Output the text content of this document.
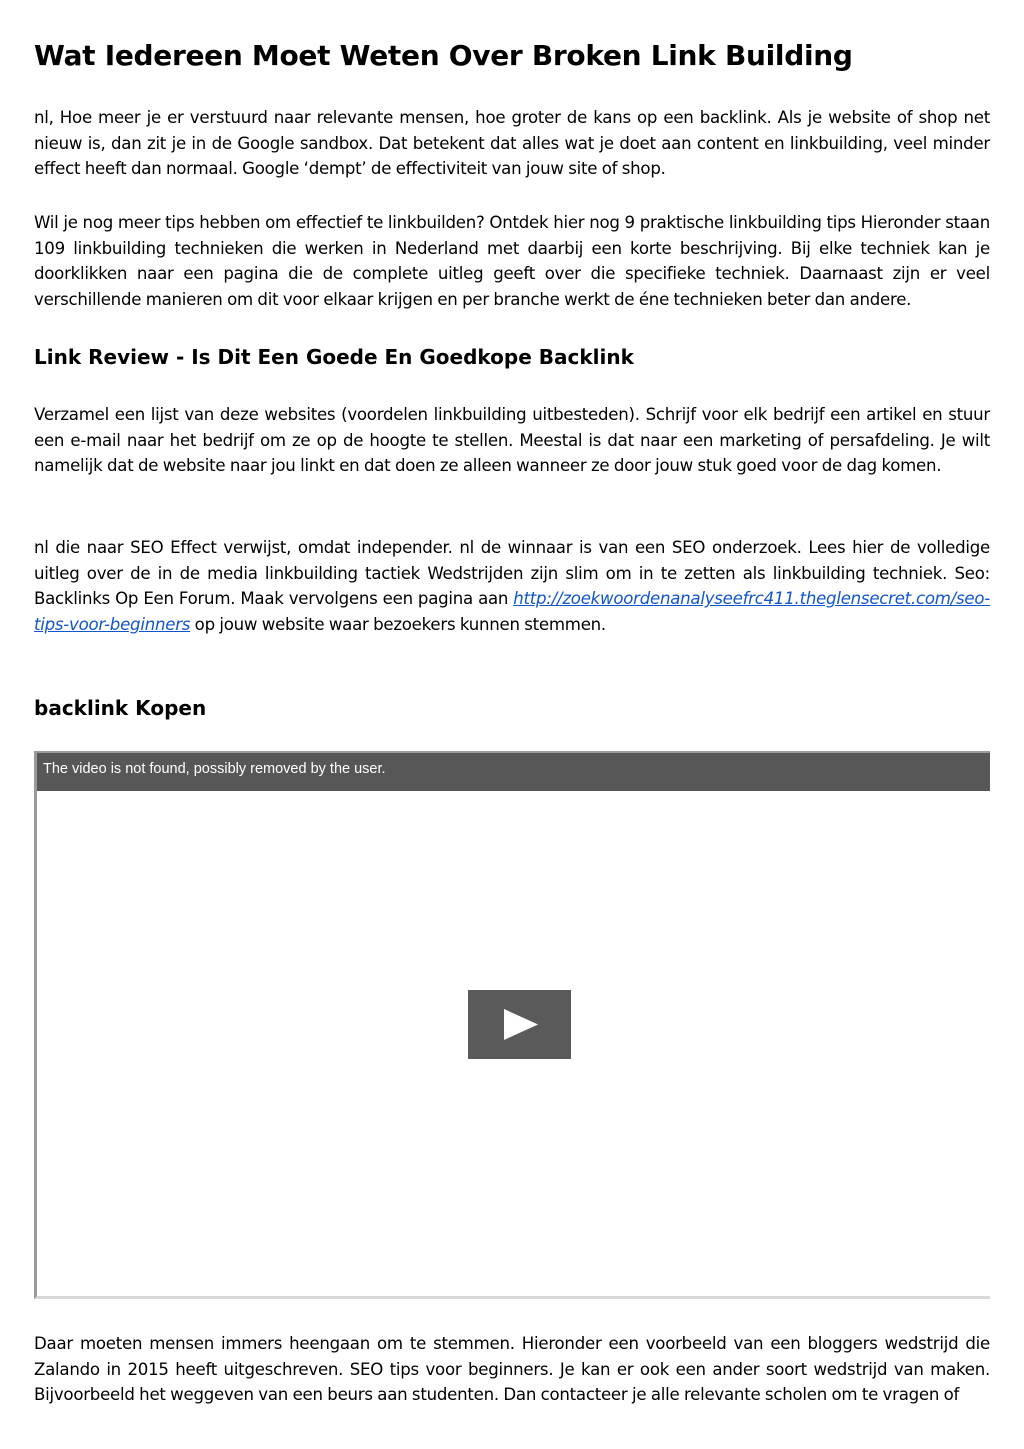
Wat Iedereen Moet Weten Over Broken Link Building

nl, Hoe meer je er verstuurd naar relevante mensen, hoe groter de kans op een backlink. Als je website of shop net nieuw is, dan zit je in de Google sandbox. Dat betekent dat alles wat je doet aan content en linkbuilding, veel minder effect heeft dan normaal. Google ‘dempt’ de effectiviteit van jouw site of shop.

Wil je nog meer tips hebben om effectief te linkbuilden? Ontdek hier nog 9 praktische linkbuilding tips Hieronder staan 109 linkbuilding technieken die werken in Nederland met daarbij een korte beschrijving. Bij elke techniek kan je doorklikken naar een pagina die de complete uitleg geeft over die specifieke techniek. Daarnaast zijn er veel verschillende manieren om dit voor elkaar krijgen en per branche werkt de éne technieken beter dan andere.

Link Review - Is Dit Een Goede En Goedkope Backlink

Verzamel een lijst van deze websites (voordelen linkbuilding uitbesteden). Schrijf voor elk bedrijf een artikel en stuur een e-mail naar het bedrijf om ze op de hoogte te stellen. Meestal is dat naar een marketing of persafdeling. Je wilt namelijk dat de website naar jou linkt en dat doen ze alleen wanneer ze door jouw stuk goed voor de dag komen.

nl die naar SEO Effect verwijst, omdat independer. nl de winnaar is van een SEO onderzoek. Lees hier de volledige uitleg over de in de media linkbuilding tactiek Wedstrijden zijn slim om in te zetten als linkbuilding techniek. Seo: Backlinks Op Een Forum. Maak vervolgens een pagina aan http://zoekwoordenanalyseefrc411.theglensecret.com/seo-tips-voor-beginners op jouw website waar bezoekers kunnen stemmen.

backlink Kopen
The video is not found, possibly removed by the user.

Daar moeten mensen immers heengaan om te stemmen. Hieronder een voorbeeld van een bloggers wedstrijd die Zalando in 2015 heeft uitgeschreven. SEO tips voor beginners. Je kan er ook een ander soort wedstrijd van maken. Bijvoorbeeld het weggeven van een beurs aan studenten. Dan contacteer je alle relevante scholen om te vragen of
